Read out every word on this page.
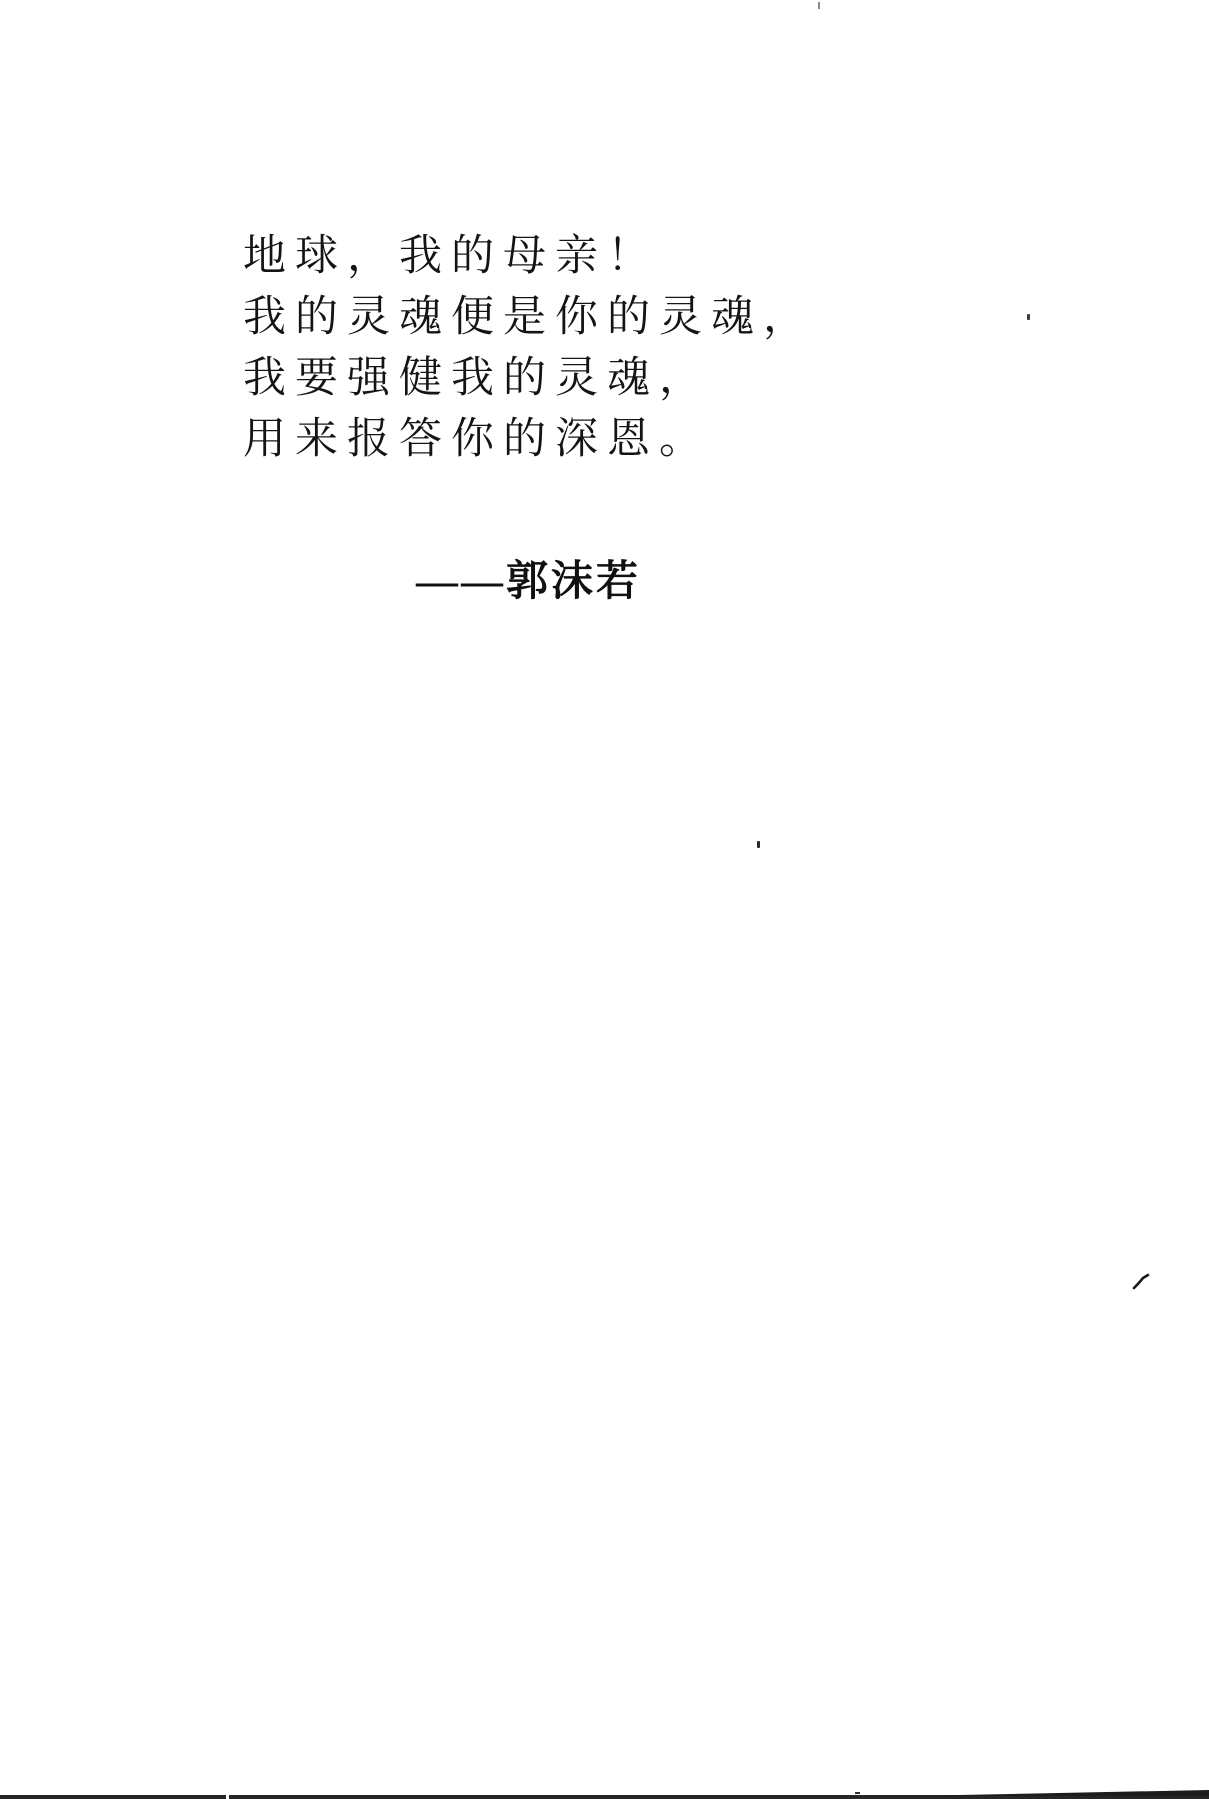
地球，我的母亲！
我的灵魂便是你的灵魂，
我要强健我的灵魂，
用来报答你的深恩。
——郭沫若
